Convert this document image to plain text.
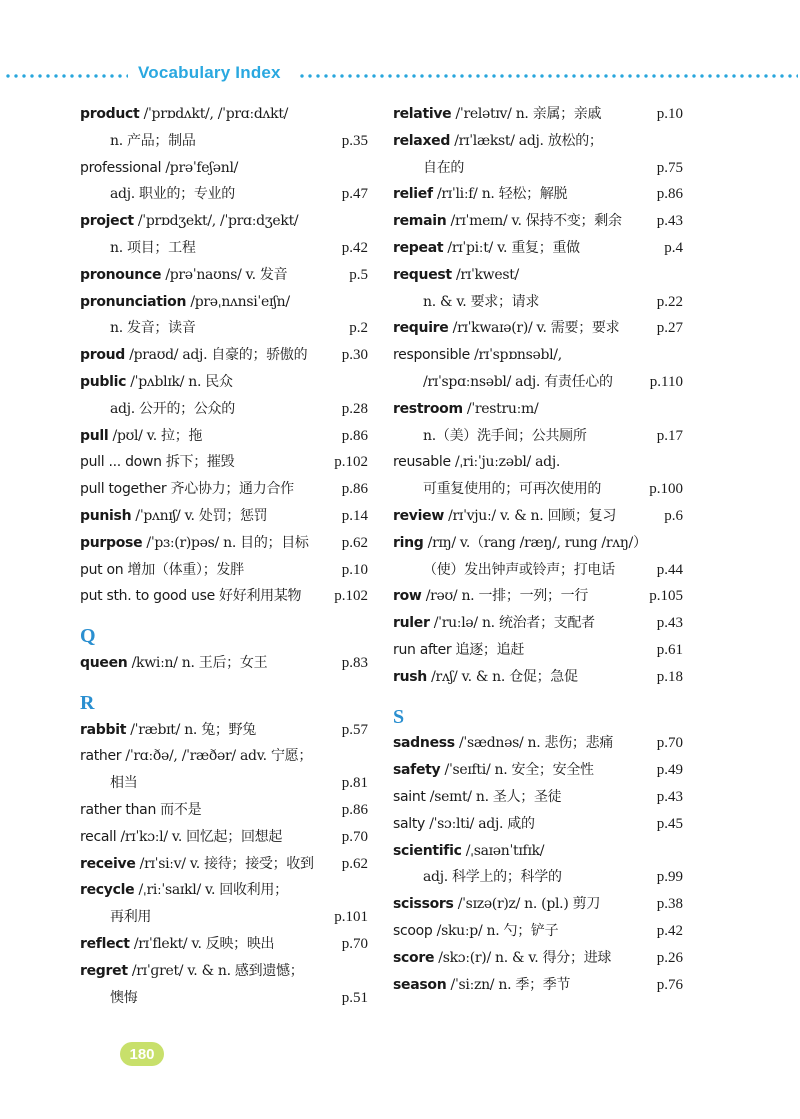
Vocabulary Index
product /ˈprɒdʌkt/, /ˈprɑːdʌkt/
n. 产品；制品	p.35
professional /prəˈfeʃənl/
adj. 职业的；专业的	p.47
project /ˈprɒdʒekt/, /ˈprɑːdʒekt/
n. 项目；工程	p.42
pronounce /prəˈnaʊns/ v. 发音	p.5
pronunciation /prəˌnʌnsiˈeɪʃn/
n. 发音；读音	p.2
proud /praʊd/ adj. 自豪的；骄傲的 p.30
public /ˈpʌblɪk/ n. 民众
adj. 公开的；公众的	p.28
pull /pʊl/ v. 拉；拖	p.86
pull ... down 拆下；摧毁	p.102
pull together 齐心协力；通力合作	p.86
punish /ˈpʌnɪʃ/ v. 处罚；惩罚	p.14
purpose /ˈpɜː(r)pəs/ n. 目的；目标 p.62
put on 增加（体重）；发胖	p.10
put sth. to good use 好好利用某物 p.102
Q
queen /kwiːn/ n. 王后；女王	p.83
R
rabbit /ˈræbɪt/ n. 兔；野兔	p.57
rather /ˈrɑːðə/, /ˈræðər/ adv. 宁愿；
相当	p.81
rather than 而不是	p.86
recall /rɪˈkɔːl/ v. 回忆起；回想起	p.70
receive /rɪˈsiːv/ v. 接待；接受；收到 p.62
recycle /ˌriːˈsaɪkl/ v. 回收利用；
再利用	p.101
reflect /rɪˈflekt/ v. 反映；映出	p.70
regret /rɪˈɡret/ v. & n. 感到遗憾；
懊悔	p.51
relative /ˈrelətɪv/ n. 亲属；亲戚	p.10
relaxed /rɪˈlækst/ adj. 放松的；
自在的	p.75
relief /rɪˈliːf/ n. 轻松；解脱	p.86
remain /rɪˈmeɪn/ v. 保持不变；剩余 p.43
repeat /rɪˈpiːt/ v. 重复；重做	p.4
request /rɪˈkwest/
n. & v. 要求；请求	p.22
require /rɪˈkwaɪə(r)/ v. 需要；要求 p.27
responsible /rɪˈspɒnsəbl/,
/rɪˈspɑːnsəbl/ adj. 有责任心的 p.110
restroom /ˈrestruːm/
n.（美）洗手间；公共厕所	p.17
reusable /ˌriːˈjuːzəbl/ adj.
可重复使用的；可再次使用的	p.100
review /rɪˈvjuː/ v. & n. 回顾；复习	p.6
ring /rɪŋ/ v.（rang /ræŋ/, rung /rʌŋ/）
（使）发出钟声或铃声；打电话	p.44
row /rəʊ/ n. 一排；一列；一行	p.105
ruler /ˈruːlə/ n. 统治者；支配者	p.43
run after 追逐；追赶	p.61
rush /rʌʃ/ v. & n. 仓促；急促	p.18
S
sadness /ˈsædnəs/ n. 悲伤；悲痛	p.70
safety /ˈseɪfti/ n. 安全；安全性	p.49
saint /seɪnt/ n. 圣人；圣徒	p.43
salty /ˈsɔːlti/ adj. 咸的	p.45
scientific /ˌsaɪənˈtɪfɪk/
adj. 科学上的；科学的	p.99
scissors /ˈsɪzə(r)z/ n. (pl.) 剪刀	p.38
scoop /skuːp/ n. 勺；铲子	p.42
score /skɔː(r)/ n. & v. 得分；进球	p.26
season /ˈsiːzn/ n. 季；季节	p.76
180
